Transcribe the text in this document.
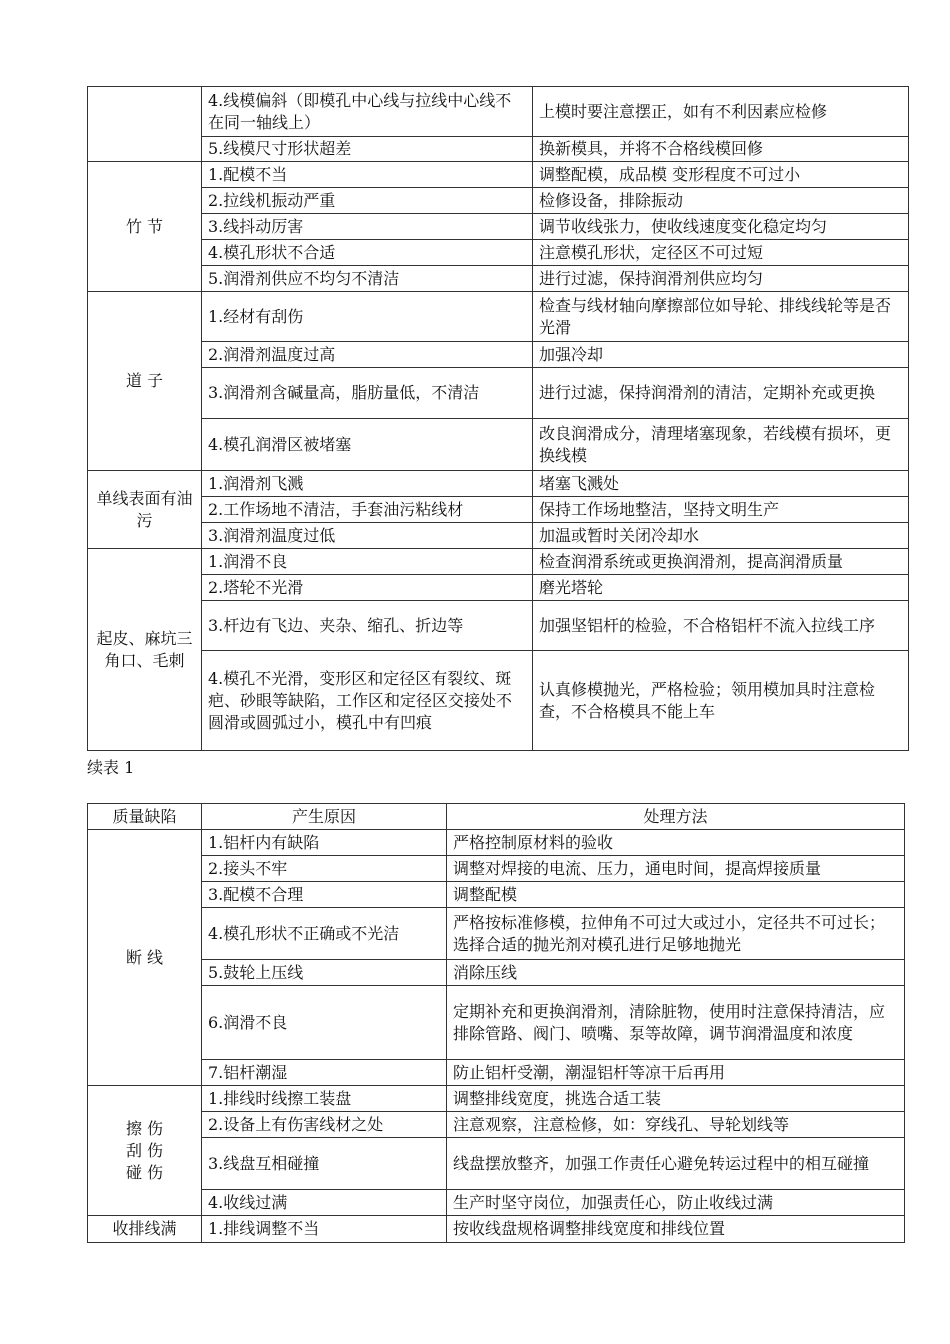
	4.线模偏斜（即模孔中心线与拉线中心线不在同一轴线上）	上模时要注意摆正，如有不利因素应检修
	5.线模尺寸形状超差	换新模具，并将不合格线模回修
竹 节	1.配模不当	调整配模，成品模 变形程度不可过小
	2.拉线机振动严重	检修设备，排除振动
	3.线抖动厉害	调节收线张力，使收线速度变化稳定均匀
	4.模孔形状不合适	注意模孔形状，定径区不可过短
	5.润滑剂供应不均匀不清洁	进行过滤，保持润滑剂供应均匀
道 子	1.经材有刮伤	检查与线材轴向摩擦部位如导轮、排线线轮等是否光滑
	2.润滑剂温度过高	加强冷却
	3.润滑剂含碱量高，脂肪量低，不清洁	进行过滤，保持润滑剂的清洁，定期补充或更换
	4.模孔润滑区被堵塞	改良润滑成分，清理堵塞现象，若线模有损坏，更换线模
单线表面有油污	1.润滑剂飞溅	堵塞飞溅处
	2.工作场地不清洁，手套油污粘线材	保持工作场地整洁，坚持文明生产
	3.润滑剂温度过低	加温或暂时关闭冷却水
起皮、麻坑三角口、毛刺	1.润滑不良	检查润滑系统或更换润滑剂，提高润滑质量
	2.塔轮不光滑	磨光塔轮
	3.杆边有飞边、夹杂、缩孔、折边等	加强坚铝杆的检验，不合格铝杆不流入拉线工序
	4.模孔不光滑，变形区和定径区有裂纹、斑疤、砂眼等缺陷，工作区和定径区交接处不圆滑或圆弧过小，模孔中有凹痕	认真修模抛光，严格检验；领用模加具时注意检查，不合格模具不能上车
续表 1
质量缺陷	产生原因	处理方法
断 线	1.铝杆内有缺陷	严格控制原材料的验收
	2.接头不牢	调整对焊接的电流、压力，通电时间，提高焊接质量
	3.配模不合理	调整配模
	4.模孔形状不正确或不光洁	严格按标准修模，拉伸角不可过大或过小，定径共不可过长；选择合适的抛光剂对模孔进行足够地抛光
	5.鼓轮上压线	消除压线
	6.润滑不良	定期补充和更换润滑剂，清除脏物，使用时注意保持清洁，应排除管路、阀门、喷嘴、泵等故障，调节润滑温度和浓度
	7.铝杆潮湿	防止铝杆受潮，潮湿铝杆等凉干后再用

擦 伤
刮 伤
碰 伤	1.排线时线擦工装盘	调整排线宽度，挑选合适工装
	2.设备上有伤害线材之处	注意观察，注意检修，如：穿线孔、导轮划线等
	3.线盘互相碰撞	线盘摆放整齐，加强工作责任心避免转运过程中的相互碰撞
	4.收线过满	生产时坚守岗位，加强责任心，防止收线过满
收排线满	1.排线调整不当	按收线盘规格调整排线宽度和排线位置
